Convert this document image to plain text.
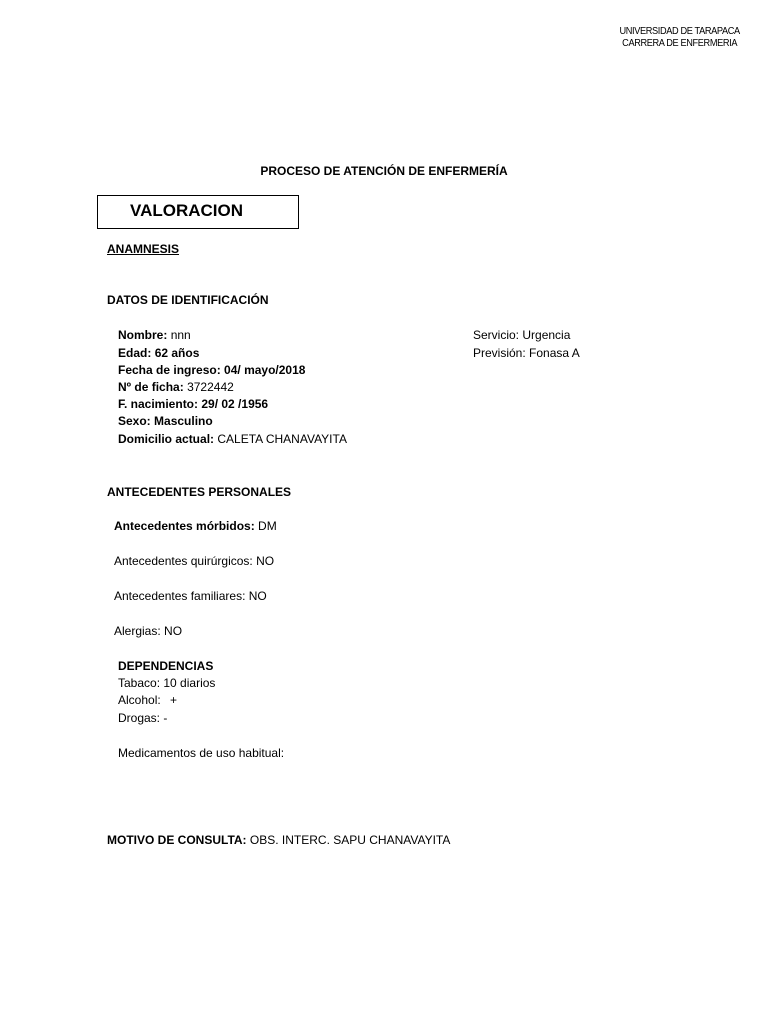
UNIVERSIDAD DE TARAPACA
CARRERA DE ENFERMERIA
PROCESO DE ATENCIÓN DE ENFERMERÍA
VALORACION
ANAMNESIS
DATOS DE IDENTIFICACIÓN
Nombre: nnn
Edad: 62 años
Fecha de ingreso: 04/ mayo/2018
Nº de ficha: 3722442
F. nacimiento: 29/ 02 /1956
Sexo: Masculino
Domicilio actual: CALETA CHANAVAYITA
Servicio: Urgencia
Previsión: Fonasa A
ANTECEDENTES PERSONALES
Antecedentes mórbidos: DM
Antecedentes quirúrgicos: NO
Antecedentes familiares: NO
Alergias: NO
DEPENDENCIAS
Tabaco: 10 diarios
Alcohol: +
Drogas: -
Medicamentos de uso habitual:
MOTIVO DE CONSULTA: OBS. INTERC. SAPU CHANAVAYITA
